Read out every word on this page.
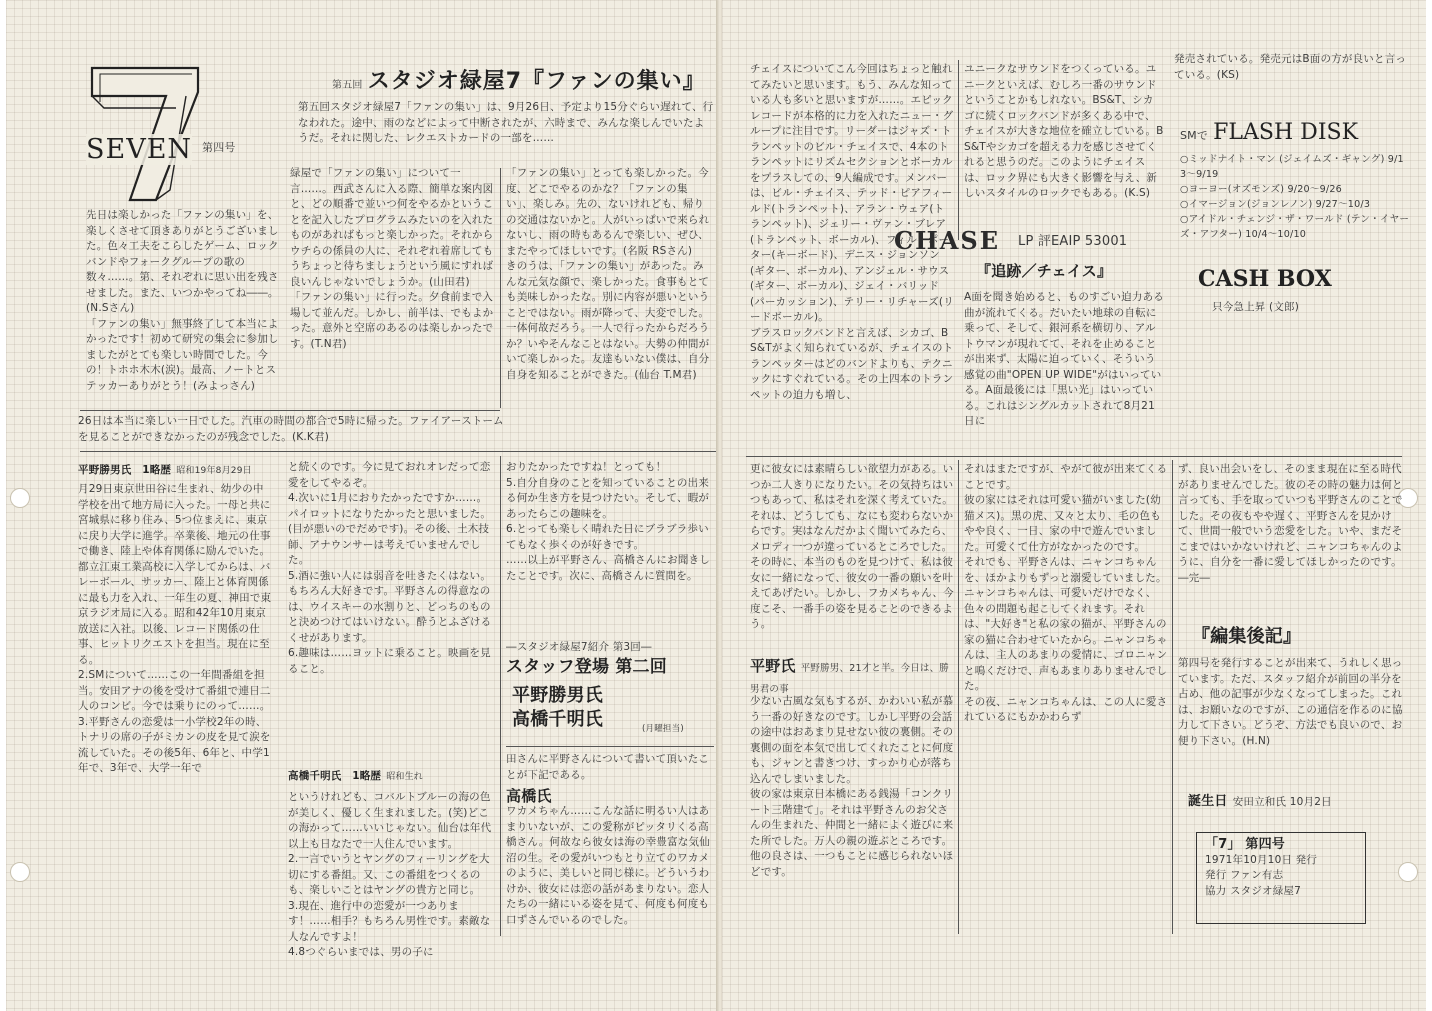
SEVEN 第四号
第五回 スタジオ緑屋7『ファンの集い』
第五回スタジオ緑屋7「ファンの集い」は、9月26日、予定より15分ぐらい遅れて、行なわれた。途中、雨のなどによって中断されたが、六時まで、みんな楽しんでいたようだ。それに関した、レクエストカードの一部を……
先日は楽しかった「ファンの集い」を、楽しくさせて頂きありがとうございました。色々工夫をこらしたゲーム、ロックバンドやフォークグループの歌の数々……。第、それぞれに思い出を残させました。また、いつかやってね――。(N.Sさん)
「ファンの集い」無事終了して本当によかったです！初めて研究の集会に参加しましたがとても楽しい時間でした。今の！トホホ木木(涙)。最高、ノートとステッカーありがとう！(みよっさん)
緑屋で「ファンの集い」について一言……。西武さんに入る際、簡単な案内図と、どの順番で並いつ何をやるかということを記入したプログラムみたいのを入れたものがあればもっと楽しかった。それからウチらの係員の人に、それぞれ着席してもうちょっと待ちましょうという風にすれば良いんじゃないでしょうか。(山田君)
「ファンの集い」に行った。夕食前まで入場して並んだ。しかし、前半は、でもよかった。意外と空席のあるのは楽しかったです。(T.N君)
「ファンの集い」とっても楽しかった。今度、どこでやるのかな？「ファンの集い」、楽しみ。先の、ないけれども、帰りの交通はないかと。人がいっぱいで来られないし、雨の時もあるんで楽しい、ぜひ、またやってほしいです。(名阪 RSさん)
きのうは、「ファンの集い」があった。みんな元気な顔で、楽しかった。食事もとても美味しかったな。別に内容が悪いということではない。雨が降って、大変でした。一体何故だろう。一人で行ったからだろうか？いやそんなことはない。大勢の仲間がいて楽しかった。友達もいない僕は、自分自身を知ることができた。(仙台 T.M君)
26日は本当に楽しい一日でした。汽車の時間の都合で5時に帰った。ファイアーストームを見ることができなかったのが残念でした。(K.K君)
平野勝男氏　1略歴 昭和19年8月29日
月29日東京世田谷に生まれ、幼少の中学校を出て地方局に入った。一母と共に宮城県に移り住み、5つ位まえに、東京に戻り大学に進学。卒業後、地元の仕事で働き、陸上や体育関係に励んでいた。都立江東工業高校に入学してからは、バレーボール、サッカー、陸上と体育関係に最も力を入れ、一年生の夏、神田で東京ラジオ局に入る。昭和42年10月東京放送に入社。以後、レコード関係の仕事、ヒットリクエストを担当。現在に至る。
2.SMについて……この一年間番組を担当。安田アナの後を受けて番組で連日二人のコンビ。今では乗りにのって……。
3.平野さんの恋愛は一小学校2年の時、トナリの席の子がミカンの皮を見て涙を流していた。その後5年、6年と、中学1年で、3年で、大学一年で
と続くのです。今に見ておれオレだって恋愛をしてやるぞ。
4.次いに1月におりたかったですか……。パイロットになりたかったと思いました。(目が悪いのでだめです)。その後、土木技師、アナウンサーは考えていませんでした。
5.酒に強い人には弱音を吐きたくはない。もちろん大好きです。平野さんの得意なのは、ウイスキーの水割りと、どっちのものと決めつけてはいけない。酔うとふざけるくせがあります。
6.趣味は……ヨットに乗ること。映画を見ること。
高橋千明氏　1略歴 昭和生れ
というけれども、コバルトブルーの海の色が美しく、優しく生まれました。(笑)どこの海かって……いいじゃない。仙台は年代以上も日なたで一人住んでいます。
2.一言でいうとヤングのフィーリングを大切にする番組。又、この番組をつくるのも、楽しいことはヤングの貴方と同じ。
3.現在、進行中の恋愛が一つあります！……相手？もちろん男性です。素敵な人なんですよ！
4.8つぐらいまでは、男の子に
おりたかったですね！とっても！
5.自分自身のことを知っていることの出来る何か生き方を見つけたい。そして、暇があったらこの趣味を。
6.とっても楽しく晴れた日にブラブラ歩いてもなく歩くのが好きです。
……以上が平野さん、高橋さんにお聞きしたことです。次に、高橋さんに質問を。
―スタジオ緑屋7紹介 第3回―
スタッフ登場 第二回
平野勝男氏
高橋千明氏	(月曜担当)
田さんに平野さんについて書いて頂いたことが下記である。
高橋氏
ワカメちゃん……こんな話に明るい人はあまりいないが、この愛称がピッタリくる高橋さん。何故なら彼女は海の幸豊富な気仙沼の生。その愛がいつもとり立てのワカメのように、美しいと同じ様に。どういうわけか、彼女には恋の話があまりない。恋人たちの一緒にいる姿を見て、何度も何度も口ずさんでいるのでした。
チェイスについてこん今回はちょっと触れてみたいと思います。もう、みんな知っている人も多いと思いますが……。エピックレコードが本格的に力を入れたニュー・グループに注目です。リーダーはジャズ・トランペットのビル・チェイスで、4本のトランペットにリズムセクションとボーカルをプラスしての、9人編成です。メンバーは、ビル・チェイス、テッド・ピアフィールド(トランペット)、アラン・ウェア(トランペット)、ジェリー・ヴァン・ブレア(トランペット、ボーカル)、フィル・ポーター(キーボード)、デニス・ジョンソン(ギター、ボーカル)、アンジェル・サウス(ギター、ボーカル)、ジェイ・バリッド(パーカッション)、テリー・リチャーズ(リードボーカル)。
ブラスロックバンドと言えば、シカゴ、BS&Tがよく知られているが、チェイスのトランペッターはどのバンドよりも、テクニックにすぐれている。その上四本のトランペットの迫力も増し、
ユニークなサウンドをつくっている。ユニークといえば、むしろ一番のサウンドということかもしれない。BS&T、シカゴに続くロックバンドが多くある中で、チェイスが大きな地位を確立している。BS&Tやシカゴを超える力を感じさせてくれると思うのだ。このようにチェイスは、ロック界にも大きく影響を与え、新しいスタイルのロックでもある。(K.S)
CHASE	LP 評EAIP 53001
『追跡／チェイス』
A面を聞き始めると、ものすごい迫力ある曲が流れてくる。だいたい地球の自転に乗って、そして、銀河系を横切り、アルトウマンが現れてて、それを止めることが出来ず、太陽に迫っていく、そういう感覚の曲"OPEN UP WIDE"がはいっている。A面最後には「黒い光」はいっている。これはシングルカットされて8月21日に
発売されている。発売元はB面の方が良いと言っている。(KS)
SMで FLASH DISK
○ミッドナイト・マン (ジェイムズ・ギャング) 9/13〜9/19
○ヨーヨー(オズモンズ) 9/20〜9/26
○イマージョン(ジョンレノン) 9/27〜10/3
○アイドル・チェンジ・ザ・ワールド (テン・イヤーズ・アフター) 10/4〜10/10
CASH BOX
只今急上昇 (文郎)
更に彼女には素晴らしい欲望力がある。いつか二人きりになりたい。その気持ちはいつもあって、私はそれを深く考えていた。
それは、どうしても、なにも変わらないからです。実はなんだかよく聞いてみたら、メロディ一つが違っているところでした。その時に、本当のものを見つけて、私は彼女に一緒になって、彼女の一番の願いを叶えてあげたい。しかし、フカメちゃん、今度こそ、一番手の姿を見ることのできるよう。
平野氏 平野勝男、21才と半。今日は、勝男君の事
少ない古風な気もするが、かわいい私が慕う一番の好きなのです。しかし平野の会話の途中はおあまり見せない彼の裏側。その裏側の面を本気で出してくれたことに何度も、ジャンと書きつけ、すっかり心が落ち込んでしまいました。
彼の家は東京日本橋にある銭湯「コンクリート三階建て」。それは平野さんのお父さんの生まれた、仲間と一緒によく遊びに来た所でした。万人の親の遊ぶところです。他の良さは、一つもことに感じられないほどです。
それはまたですが、やがて彼が出来てくることです。
彼の家にはそれは可愛い猫がいました(幼猫メス)。黒の虎、又々と太り、毛の色もやや良く、一日、家の中で遊んでいました。可愛くて仕方がなかったのです。
それでも、平野さんは、ニャンコちゃんを、ほかよりもずっと溺愛していました。ニャンコちゃんは、可愛いだけでなく、色々の問題も起こしてくれます。それは、"大好き"と私の家の猫が、平野さんの家の猫に合わせていたから。ニャンコちゃんは、主人のあまりの愛情に、ゴロニャンと鳴くだけで、声もあまりありませんでした。
その夜、ニャンコちゃんは、この人に愛されているにもかかわらず
ず、良い出会いをし、そのまま現在に至る時代がありませんでした。彼のその時の魅力は何と言っても、手を取っていつも平野さんのことでした。その夜もやや遅く、平野さんを見かけて、世間一般でいう恋愛をした。いや、まだそこまではいかないけれど、ニャンコちゃんのように、自分を一番に愛してほしかったのです。
―完―
『編集後記』
第四号を発行することが出来て、うれしく思っています。ただ、スタッフ紹介が前回の半分を占め、他の記事が少なくなってしまった。これは、お願いなのですが、この通信を作るのに協力して下さい。どうぞ、方法でも良いので、お便り下さい。(H.N)
誕生日 安田立和氏 10月2日
「7」 第四号
1971年10月10日 発行
発行 ファン有志
協力 スタジオ緑屋7
